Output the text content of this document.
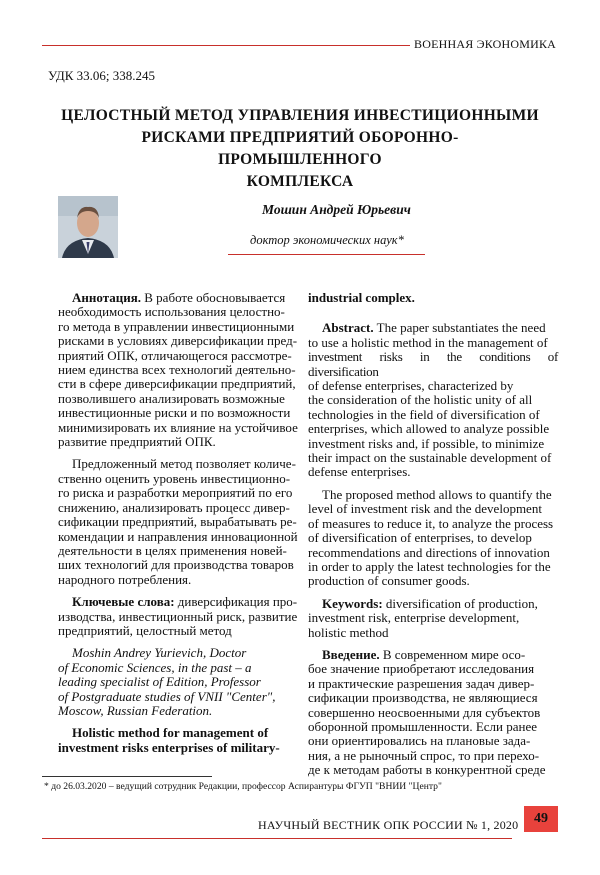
ВОЕННАЯ ЭКОНОМИКА
УДК 33.06; 338.245
ЦЕЛОСТНЫЙ МЕТОД УПРАВЛЕНИЯ ИНВЕСТИЦИОННЫМИ
РИСКАМИ ПРЕДПРИЯТИЙ ОБОРОННО-ПРОМЫШЛЕННОГО
КОМПЛЕКСА
Мошин Андрей Юрьевич
доктор экономических наук*

Аннотация. В работе обосновывается

необходимость использования целостно-

го метода в управлении инвестиционными

рисками в условиях диверсификации пред-

приятий ОПК, отличающегося рассмотре-

нием единства всех технологий деятельно-

сти в сфере диверсификации предприятий,

позволившего анализировать возможные

инвестиционные риски и по возможности

минимизировать их влияние на устойчивое

развитие предприятий ОПК.

Предложенный метод позволяет количе-

ственно оценить уровень инвестиционно-

го риска и разработки мероприятий по его

снижению, анализировать процесс дивер-

сификации предприятий, вырабатывать ре-

комендации и направления инновационной

деятельности в целях применения новей-

ших технологий для производства товаров

народного потребления.

Ключевые слова: диверсификация про-

изводства, инвестиционный риск, развитие

предприятий, целостный метод

Moshin Andrey Yurievich, Doctor

of Economic Sciences, in the past – a

leading specialist of Edition, Professor

of Postgraduate studies of VNII "Center",

Moscow, Russian Federation.

Holistic method for management of

investment risks enterprises of military-

industrial complex.

Abstract. The paper substantiates the need

to use a holistic method in the management of

investment risks in the conditions of diversification

of defense enterprises, characterized by

the consideration of the holistic unity of all

technologies in the field of diversification of

enterprises, which allowed to analyze possible

investment risks and, if possible, to minimize

their impact on the sustainable development of

defense enterprises.

The proposed method allows to quantify the

level of investment risk and the development

of measures to reduce it, to analyze the process

of diversification of enterprises, to develop

recommendations and directions of innovation

in order to apply the latest technologies for the

production of consumer goods.

Keywords: diversification of production,

investment risk, enterprise development,

holistic method

Введение. В современном мире осо-

бое значение приобретают исследования

и практические разрешения задач дивер-

сификации производства, не являющиеся

совершенно неосвоенными для субъектов

оборонной промышленности. Если ранее

они ориентировались на плановые зада-

ния, а не рыночный спрос, то при перехо-

де к методам работы в конкурентной среде

* до 26.03.2020 – ведущий сотрудник Редакции, профессор Аспирантуры ФГУП "ВНИИ "Центр"
НАУЧНЫЙ ВЕСТНИК ОПК РОССИИ № 1, 2020	49
